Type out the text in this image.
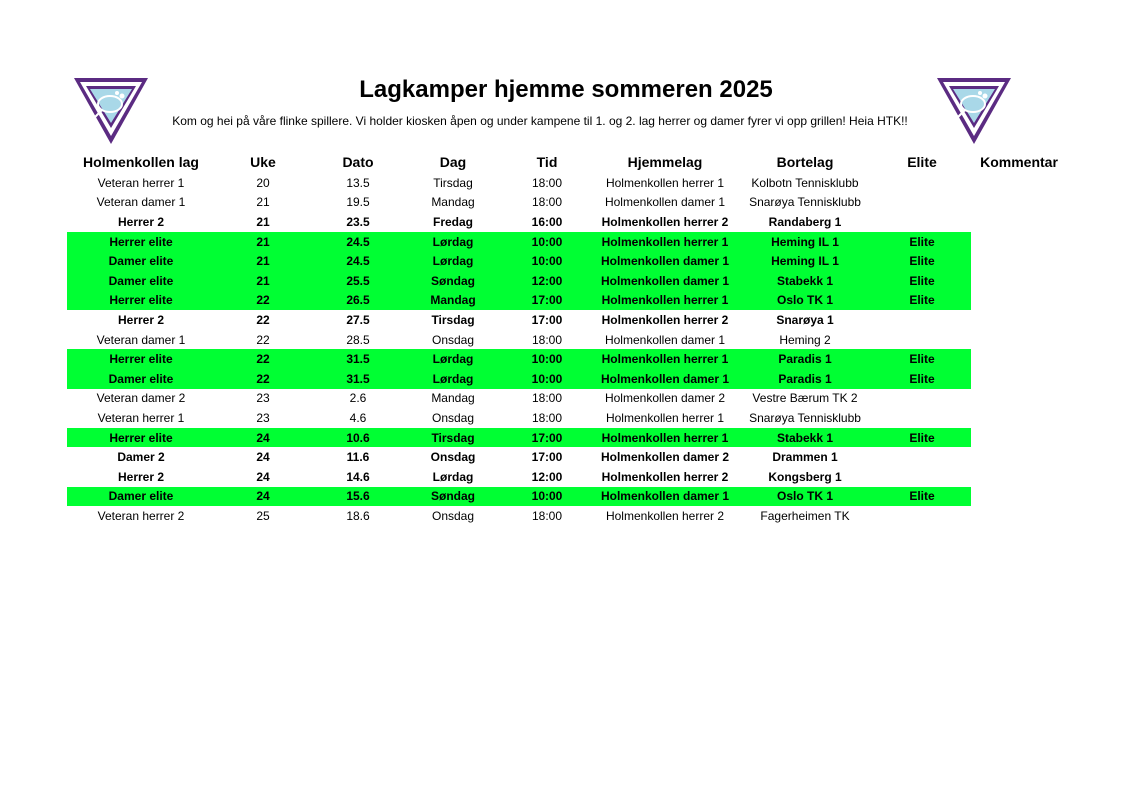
Lagkamper hjemme sommeren 2025
Kom og hei på våre flinke spillere. Vi holder kiosken åpen og under kampene til 1. og 2. lag herrer og damer fyrer vi opp grillen! Heia HTK!!
Holmenkollen lag	Uke	Dato	Dag	Tid	Hjemmelag	Bortelag	Elite	Kommentar
Veteran herrer 1	20	13.5	Tirsdag	18:00	Holmenkollen herrer 1	Kolbotn Tennisklubb		
Veteran damer 1	21	19.5	Mandag	18:00	Holmenkollen damer 1	Snarøya Tennisklubb		
Herrer 2	21	23.5	Fredag	16:00	Holmenkollen herrer 2	Randaberg 1		
Herrer elite	21	24.5	Lørdag	10:00	Holmenkollen herrer 1	Heming IL 1	Elite	
Damer elite	21	24.5	Lørdag	10:00	Holmenkollen damer 1	Heming IL 1	Elite	
Damer elite	21	25.5	Søndag	12:00	Holmenkollen damer 1	Stabekk 1	Elite	
Herrer elite	22	26.5	Mandag	17:00	Holmenkollen herrer 1	Oslo TK 1	Elite	
Herrer 2	22	27.5	Tirsdag	17:00	Holmenkollen herrer 2	Snarøya 1		
Veteran damer 1	22	28.5	Onsdag	18:00	Holmenkollen damer 1	Heming 2		
Herrer elite	22	31.5	Lørdag	10:00	Holmenkollen herrer 1	Paradis 1	Elite	
Damer elite	22	31.5	Lørdag	10:00	Holmenkollen damer 1	Paradis 1	Elite	
Veteran damer 2	23	2.6	Mandag	18:00	Holmenkollen damer 2	Vestre Bærum TK 2		
Veteran herrer 1	23	4.6	Onsdag	18:00	Holmenkollen herrer 1	Snarøya Tennisklubb		
Herrer elite	24	10.6	Tirsdag	17:00	Holmenkollen herrer 1	Stabekk 1	Elite	
Damer 2	24	11.6	Onsdag	17:00	Holmenkollen damer 2	Drammen 1		
Herrer 2	24	14.6	Lørdag	12:00	Holmenkollen herrer 2	Kongsberg 1		
Damer elite	24	15.6	Søndag	10:00	Holmenkollen damer 1	Oslo TK 1	Elite	
Veteran herrer 2	25	18.6	Onsdag	18:00	Holmenkollen herrer 2	Fagerheimen TK		
